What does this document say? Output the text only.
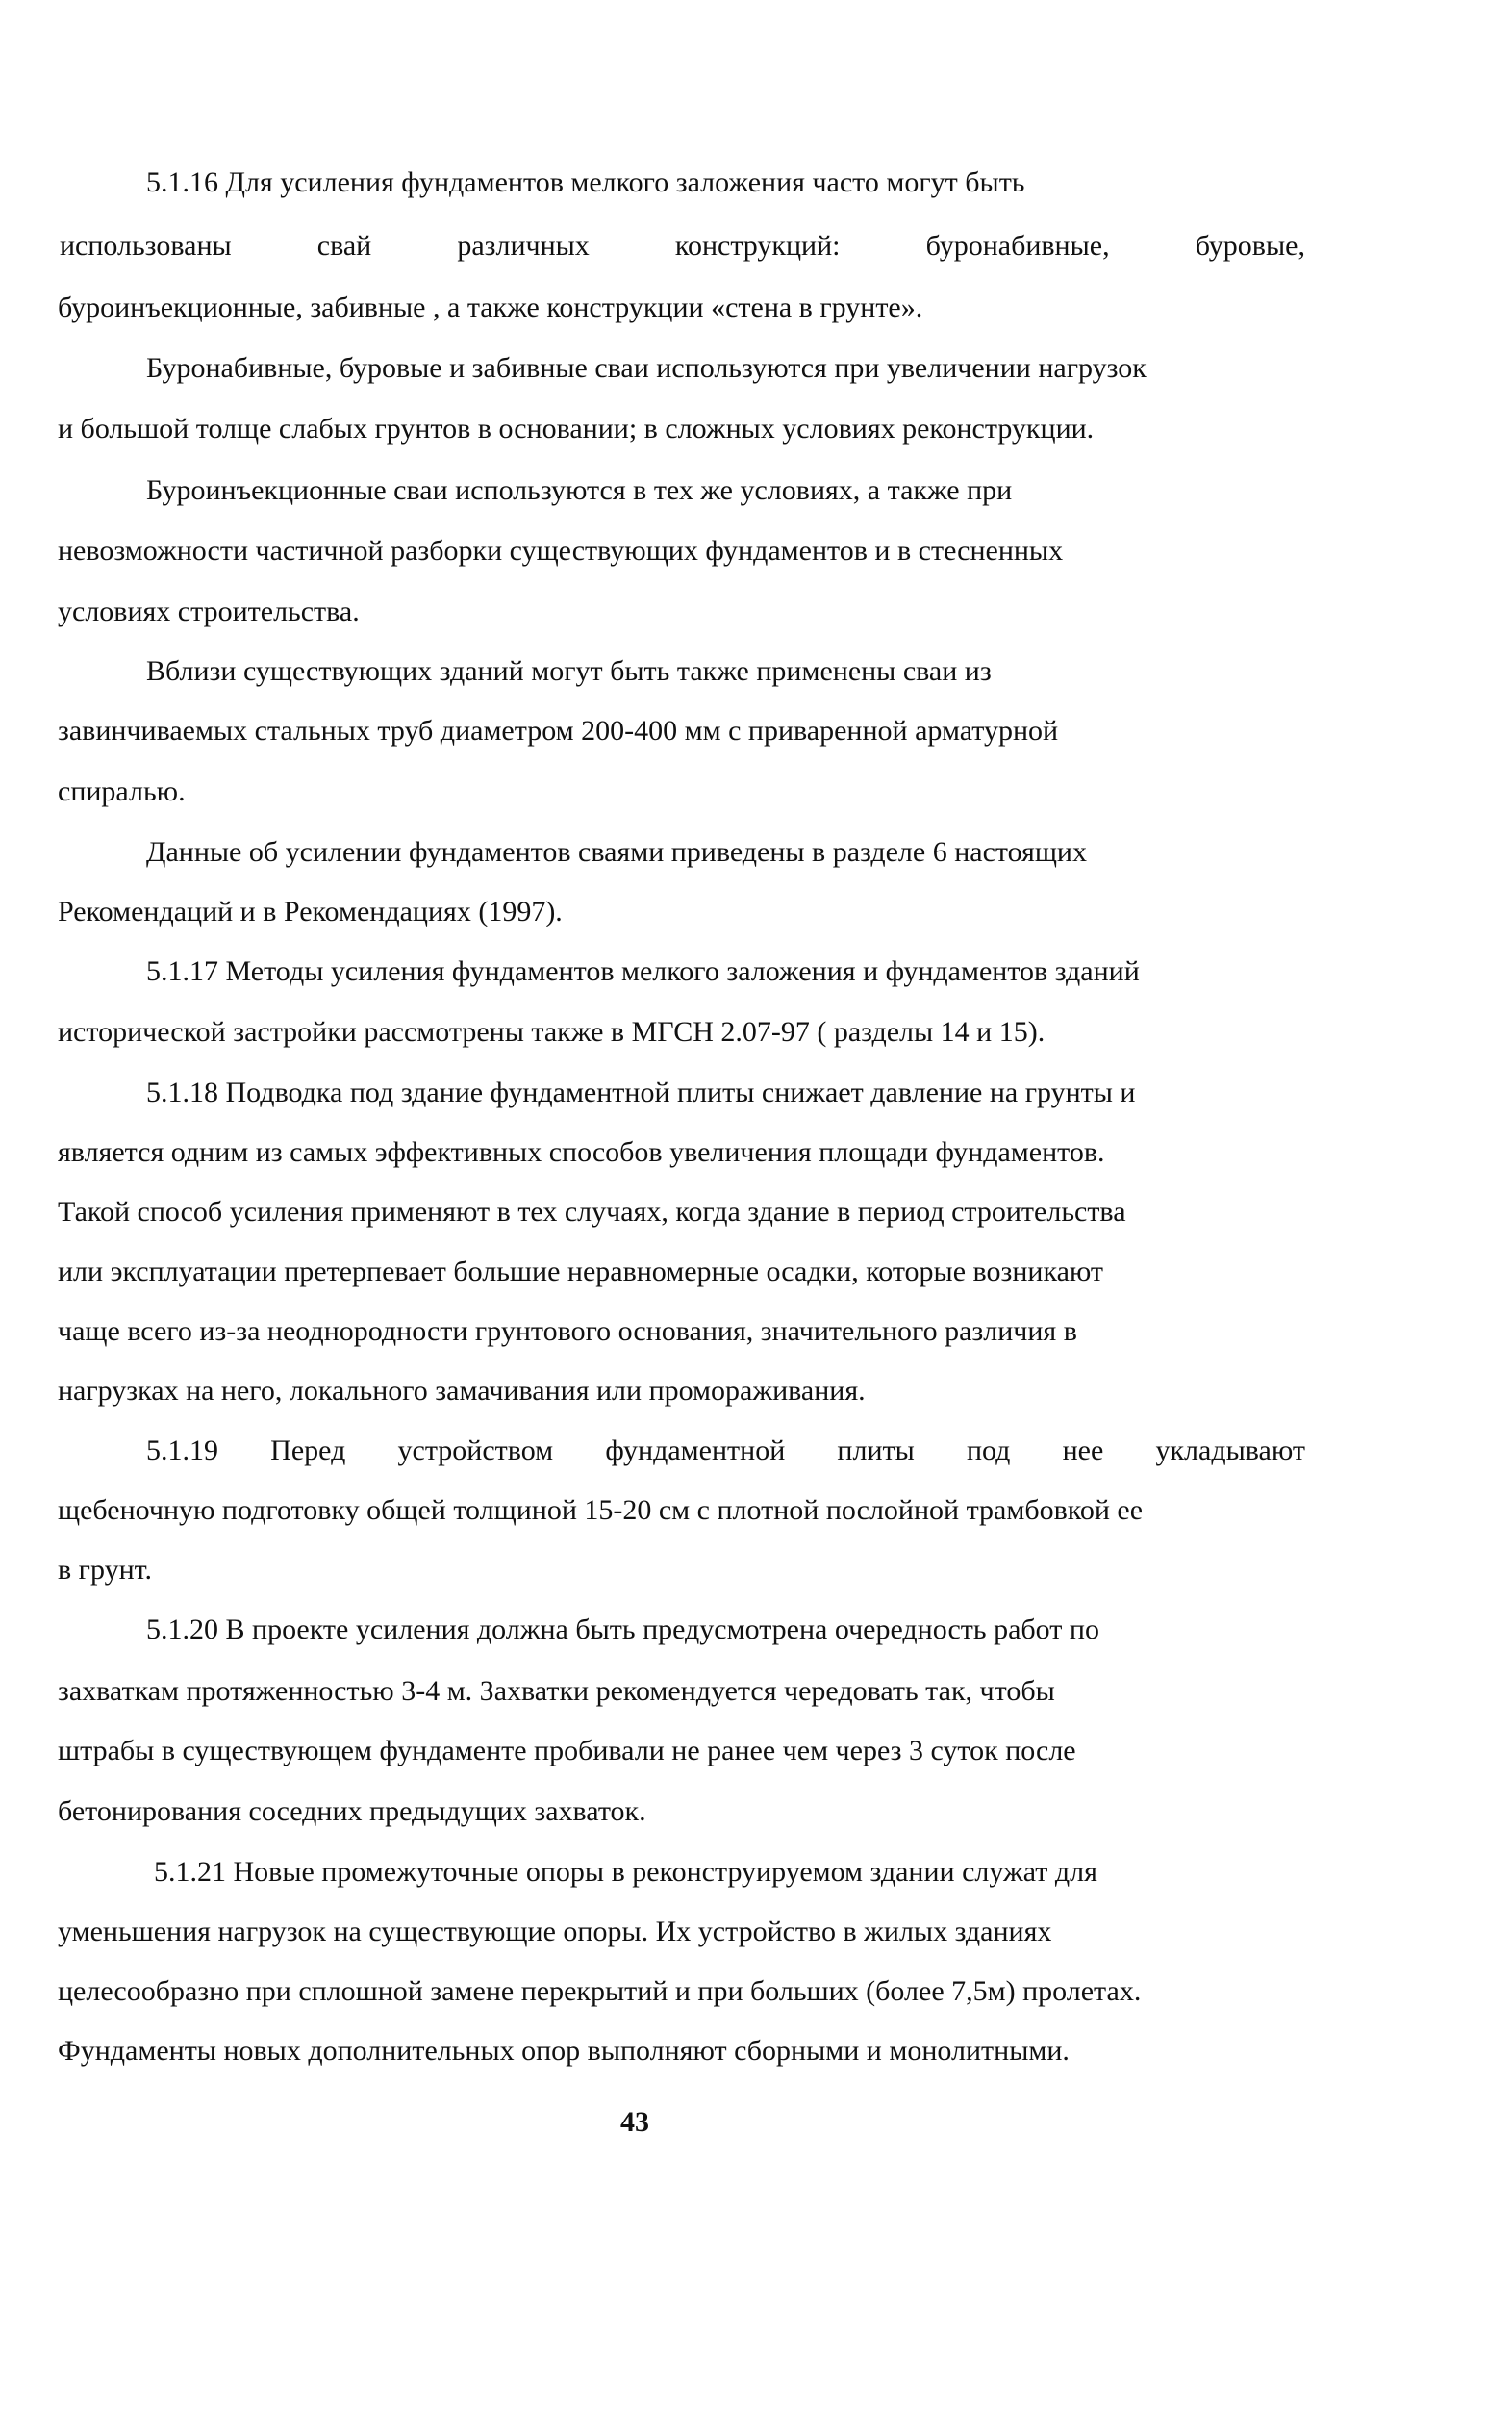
5.1.16 Для усиления фундаментов мелкого заложения часто могут быть
использованы	свай	различных	конструкций:	буронабивные,	буровые,
буроинъекционные, забивные , а также конструкции «стена в грунте».
Буронабивные, буровые и забивные сваи используются при увеличении нагрузок
и большой толще слабых грунтов в основании; в сложных условиях реконструкции.
Буроинъекционные сваи используются в тех же условиях, а также при
невозможности частичной разборки существующих фундаментов и в стесненных
условиях строительства.
Вблизи существующих зданий могут быть также применены сваи из
завинчиваемых стальных труб диаметром 200-400 мм с приваренной арматурной
спиралью.
Данные об усилении фундаментов сваями приведены в разделе 6 настоящих
Рекомендаций и в Рекомендациях (1997).
5.1.17 Методы усиления фундаментов мелкого заложения и фундаментов зданий
исторической застройки рассмотрены также в МГСН 2.07-97 ( разделы 14 и 15).
5.1.18 Подводка под здание фундаментной плиты снижает давление на грунты и
является одним из самых эффективных способов увеличения площади фундаментов.
Такой способ усиления применяют в тех случаях, когда здание в период строительства
или эксплуатации претерпевает большие неравномерные осадки, которые возникают
чаще всего из-за неоднородности грунтового основания, значительного различия в
нагрузках на него, локального замачивания или промораживания.
5.1.19 Перед устройством фундаментной плиты под нее укладывают
щебеночную подготовку общей толщиной 15-20 см с плотной послойной трамбовкой ее
в грунт.
5.1.20 В проекте усиления должна быть предусмотрена очередность работ по
захваткам протяженностью 3-4 м. Захватки рекомендуется чередовать так, чтобы
штрабы в существующем фундаменте пробивали не ранее чем через 3 суток после
бетонирования соседних предыдущих захваток.
5.1.21 Новые промежуточные опоры в реконструируемом здании служат для
уменьшения нагрузок на существующие опоры. Их устройство в жилых зданиях
целесообразно при сплошной замене перекрытий и при больших (более 7,5м) пролетах.
Фундаменты новых дополнительных опор выполняют сборными и монолитными.
43
